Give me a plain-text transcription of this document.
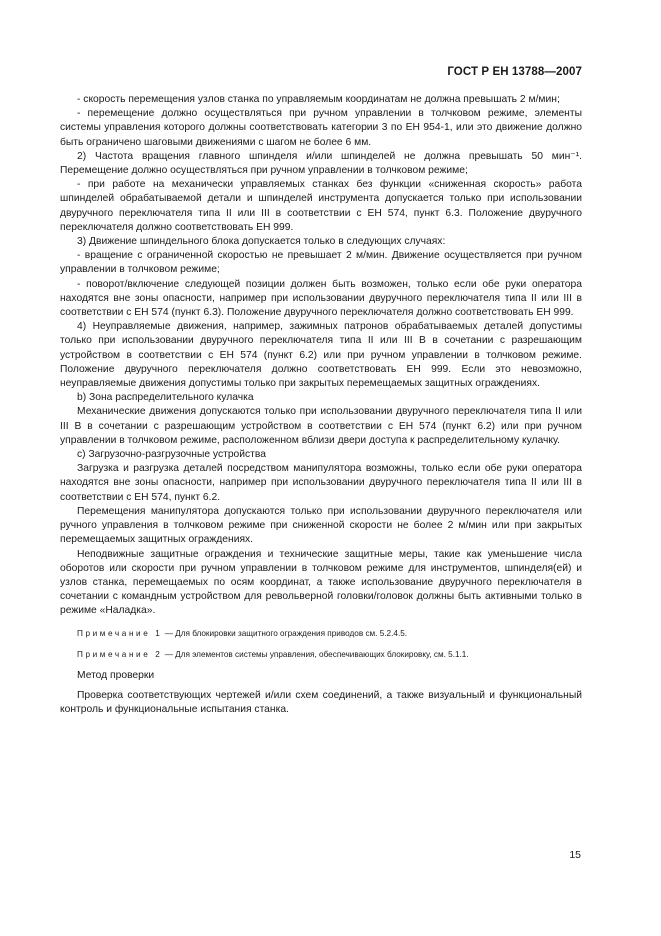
ГОСТ Р ЕН 13788—2007

- скорость перемещения узлов станка по управляемым координатам не должна превышать 2 м/мин;

- перемещение должно осуществляться при ручном управлении в толчковом режиме, элементы системы управления которого должны соответствовать категории 3 по ЕН 954-1, или это движение должно быть ограничено шаговыми движениями с шагом не более 6 мм.

2) Частота вращения главного шпинделя и/или шпинделей не должна превышать 50 мин⁻¹. Перемещение должно осуществляться при ручном управлении в толчковом режиме;

- при работе на механически управляемых станках без функции «сниженная скорость» работа шпинделей обрабатываемой детали и шпинделей инструмента допускается только при использовании двуручного переключателя типа II или III в соответствии с ЕН 574, пункт 6.3. Положение двуручного переключателя должно соответствовать ЕН 999.

3) Движение шпиндельного блока допускается только в следующих случаях:

- вращение с ограниченной скоростью не превышает 2 м/мин. Движение осуществляется при ручном управлении в толчковом режиме;

- поворот/включение следующей позиции должен быть возможен, только если обе руки оператора находятся вне зоны опасности, например при использовании двуручного переключателя типа II или III в соответствии с ЕН 574 (пункт 6.3). Положение двуручного переключателя должно соответствовать ЕН 999.

4) Неуправляемые движения, например, зажимных патронов обрабатываемых деталей допустимы только при использовании двуручного переключателя типа II или III В в сочетании с разрешающим устройством в соответствии с ЕН 574 (пункт 6.2) или при ручном управлении в толчковом режиме. Положение двуручного переключателя должно соответствовать ЕН 999. Если это невозможно, неуправляемые движения допустимы только при закрытых перемещаемых защитных ограждениях.

b) Зона распределительного кулачка

Механические движения допускаются только при использовании двуручного переключателя типа II или III В в сочетании с разрешающим устройством в соответствии с ЕН 574 (пункт 6.2) или при ручном управлении в толчковом режиме, расположенном вблизи двери доступа к распределительному кулачку.

c) Загрузочно-разгрузочные устройства

Загрузка и разгрузка деталей посредством манипулятора возможны, только если обе руки оператора находятся вне зоны опасности, например при использовании двуручного переключателя типа II или III в соответствии с ЕН 574, пункт 6.2.

Перемещения манипулятора допускаются только при использовании двуручного переключателя или ручного управления в толчковом режиме при сниженной скорости не более 2 м/мин или при закрытых перемещаемых защитных ограждениях.

Неподвижные защитные ограждения и технические защитные меры, такие как уменьшение числа оборотов или скорости при ручном управлении в толчковом режиме для инструментов, шпинделя(ей) и узлов станка, перемещаемых по осям координат, а также использование двуручного переключателя в сочетании с командным устройством для револьверной головки/головок должны быть активными только в режиме «Наладка».

Примечание 1 — Для блокировки защитного ограждения приводов см. 5.2.4.5.

Примечание 2 — Для элементов системы управления, обеспечивающих блокировку, см. 5.1.1.

Метод проверки

Проверка соответствующих чертежей и/или схем соединений, а также визуальный и функциональный контроль и функциональные испытания станка.

15
